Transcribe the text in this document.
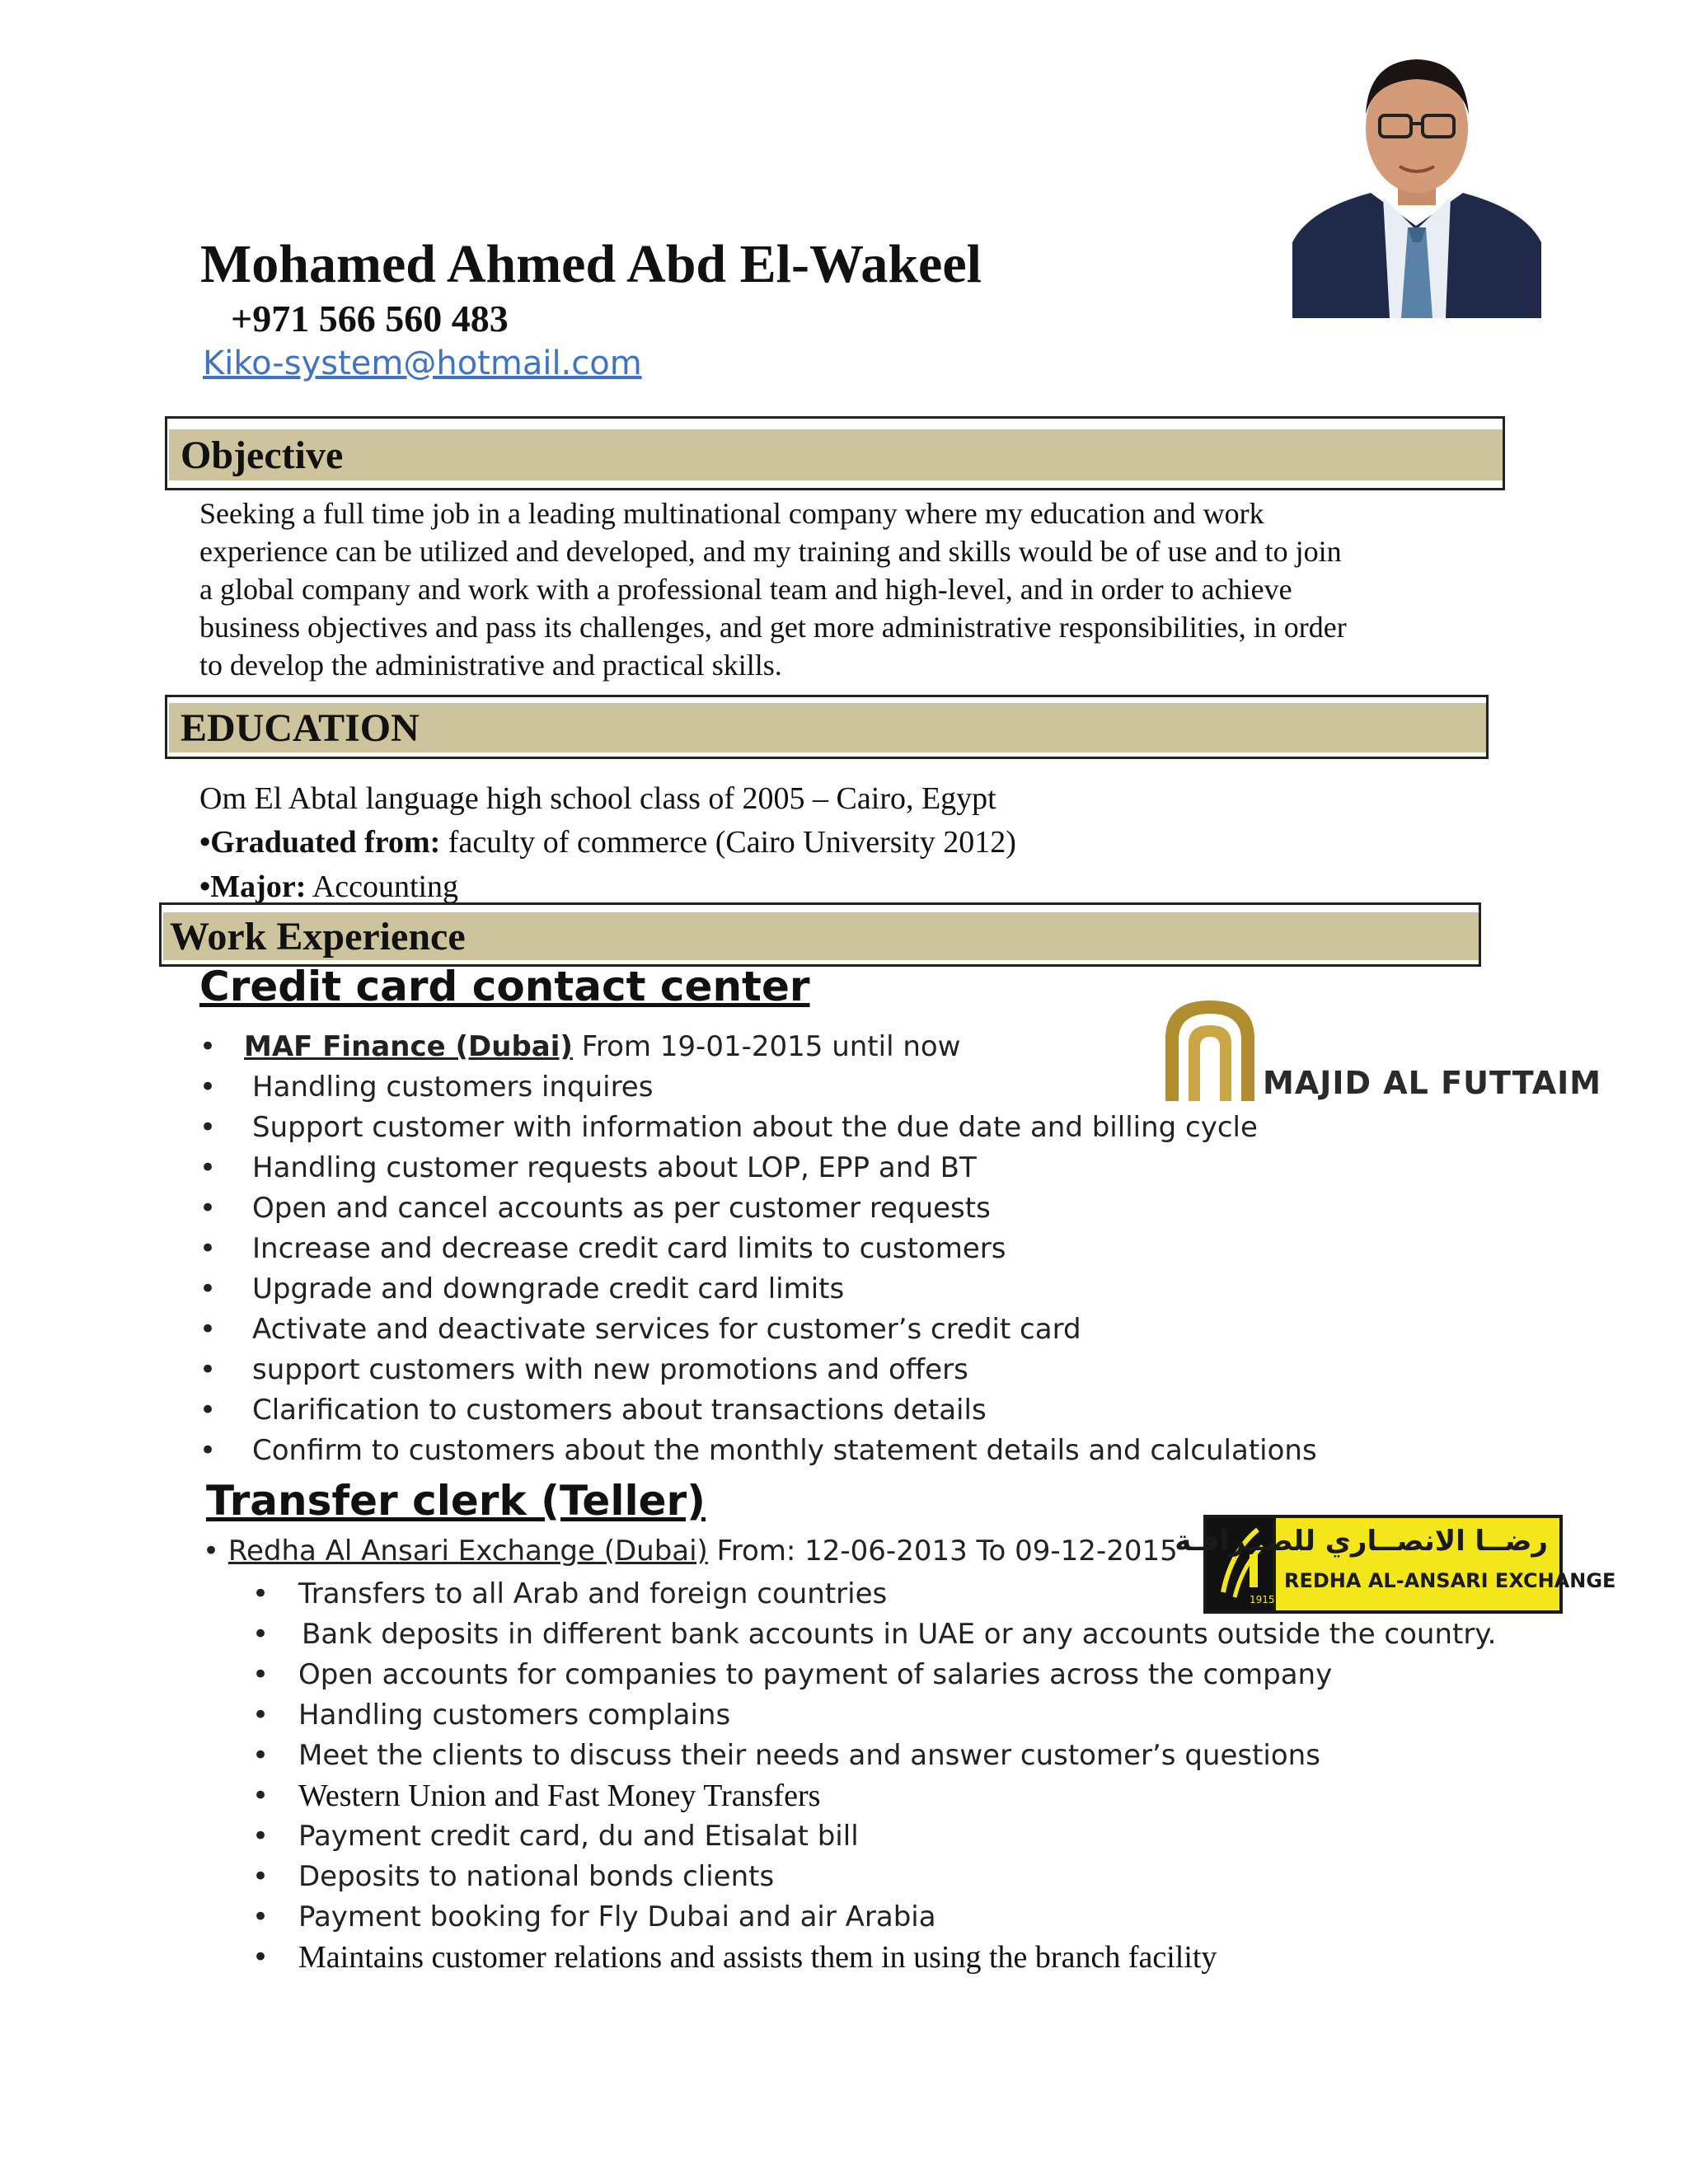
Mohamed Ahmed Abd El-Wakeel
+971 566 560 483
Kiko-system@hotmail.com
Objective
Seeking a full time job in a leading multinational company where my education and work
experience can be utilized and developed, and my training and skills would be of use and to join
a global company and work with a professional team and high-level, and in order to achieve
business objectives and pass its challenges, and get more administrative responsibilities, in order
to develop the administrative and practical skills.
EDUCATION
Om El Abtal language high school class of 2005 – Cairo, Egypt
•Graduated from: faculty of commerce (Cairo University 2012)
•Major: Accounting
Work Experience
Credit card contact center
MAJID AL FUTTAIM
• MAF Finance (Dubai) From 19-01-2015 until now
• Handling customers inquires
• Support customer with information about the due date and billing cycle
• Handling customer requests about LOP, EPP and BT
• Open and cancel accounts as per customer requests
• Increase and decrease credit card limits to customers
• Upgrade and downgrade credit card limits
• Activate and deactivate services for customer’s credit card
• support customers with new promotions and offers
• Clarification to customers about transactions details
• Confirm to customers about the monthly statement details and calculations
Transfer clerk (Teller)
• Redha Al Ansari Exchange (Dubai) From: 12-06-2013 To 09-12-2015
1915
رضــا الانصــاري للصــرافـة
REDHA AL-ANSARI EXCHANGE
• Transfers to all Arab and foreign countries
• Bank deposits in different bank accounts in UAE or any accounts outside the country.
• Open accounts for companies to payment of salaries across the company
• Handling customers complains
• Meet the clients to discuss their needs and answer customer’s questions
• Western Union and Fast Money Transfers
• Payment credit card, du and Etisalat bill
• Deposits to national bonds clients
• Payment booking for Fly Dubai and air Arabia
• Maintains customer relations and assists them in using the branch facility
